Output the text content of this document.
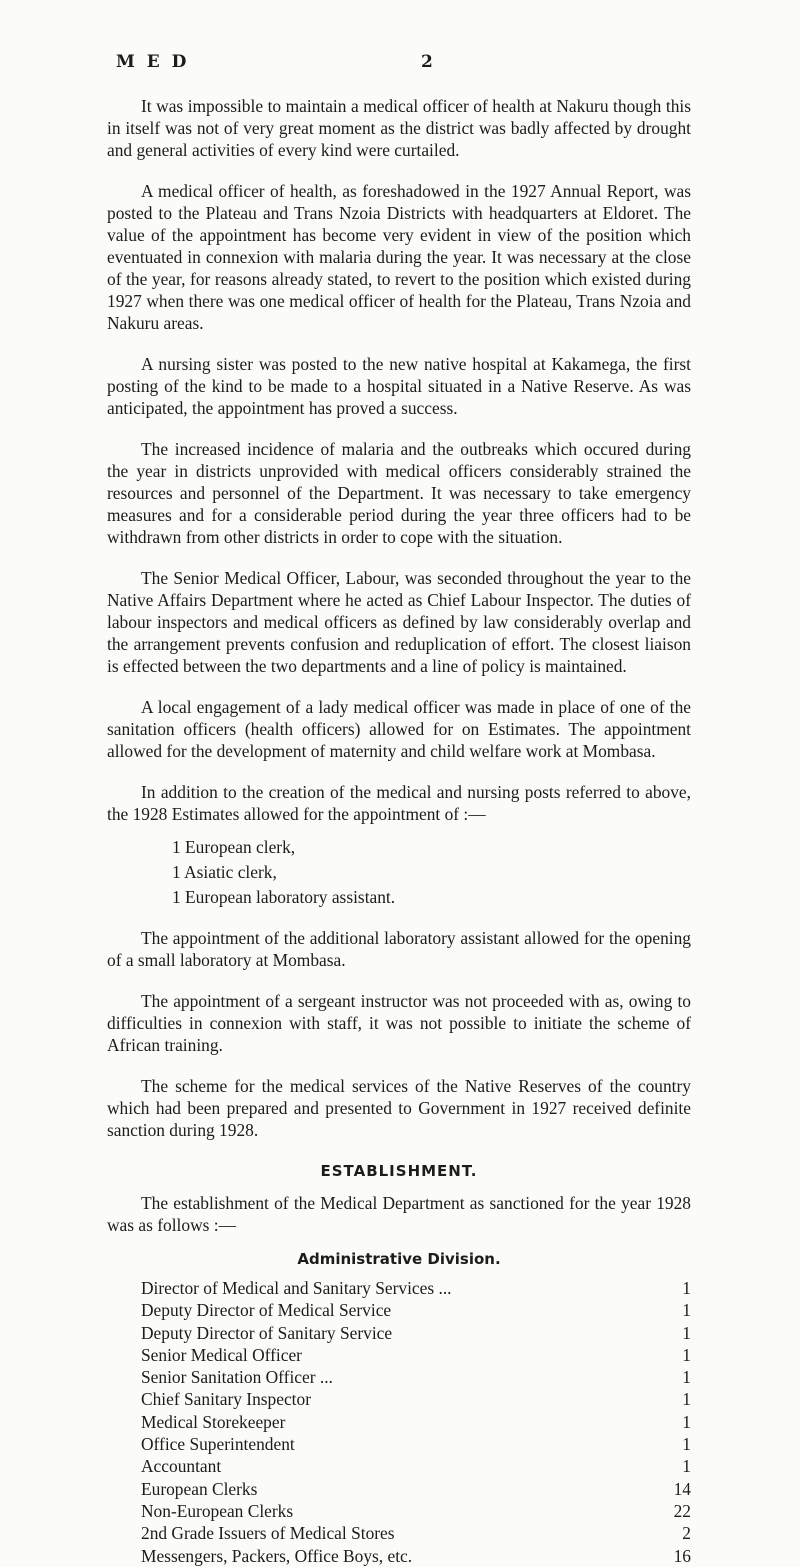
M E D	2

It was impossible to maintain a medical officer of health at Nakuru though this in itself was not of very great moment as the district was badly affected by drought and general activities of every kind were curtailed.

A medical officer of health, as foreshadowed in the 1927 Annual Report, was posted to the Plateau and Trans Nzoia Districts with headquarters at Eldoret. The value of the appointment has become very evident in view of the position which eventuated in connexion with malaria during the year. It was necessary at the close of the year, for reasons already stated, to revert to the position which existed during 1927 when there was one medical officer of health for the Plateau, Trans Nzoia and Nakuru areas.

A nursing sister was posted to the new native hospital at Kakamega, the first posting of the kind to be made to a hospital situated in a Native Reserve. As was anticipated, the appointment has proved a success.

The increased incidence of malaria and the outbreaks which occured during the year in districts unprovided with medical officers considerably strained the resources and personnel of the Department. It was necessary to take emergency measures and for a considerable period during the year three officers had to be withdrawn from other districts in order to cope with the situation.

The Senior Medical Officer, Labour, was seconded throughout the year to the Native Affairs Department where he acted as Chief Labour Inspector. The duties of labour inspectors and medical officers as defined by law considerably overlap and the arrangement prevents confusion and reduplication of effort. The closest liaison is effected between the two departments and a line of policy is maintained.

A local engagement of a lady medical officer was made in place of one of the sanitation officers (health officers) allowed for on Estimates. The appointment allowed for the development of maternity and child welfare work at Mombasa.

In addition to the creation of the medical and nursing posts referred to above, the 1928 Estimates allowed for the appointment of :—

1 European clerk,
1 Asiatic clerk,
1 European laboratory assistant.

The appointment of the additional laboratory assistant allowed for the opening of a small laboratory at Mombasa.

The appointment of a sergeant instructor was not proceeded with as, owing to difficulties in connexion with staff, it was not possible to initiate the scheme of African training.

The scheme for the medical services of the Native Reserves of the country which had been prepared and presented to Government in 1927 received definite sanction during 1928.

ESTABLISHMENT.

The establishment of the Medical Department as sanctioned for the year 1928 was as follows :—

Administrative Division.
Director of Medical and Sanitary Services ...	1
Deputy Director of Medical Service	1
Deputy Director of Sanitary Service	1
Senior Medical Officer	1
Senior Sanitation Officer ...	1
Chief Sanitary Inspector	1
Medical Storekeeper	1
Office Superintendent	1
Accountant	1
European Clerks	14
Non-European Clerks	22
2nd Grade Issuers of Medical Stores	2
Messengers, Packers, Office Boys, etc.	16
